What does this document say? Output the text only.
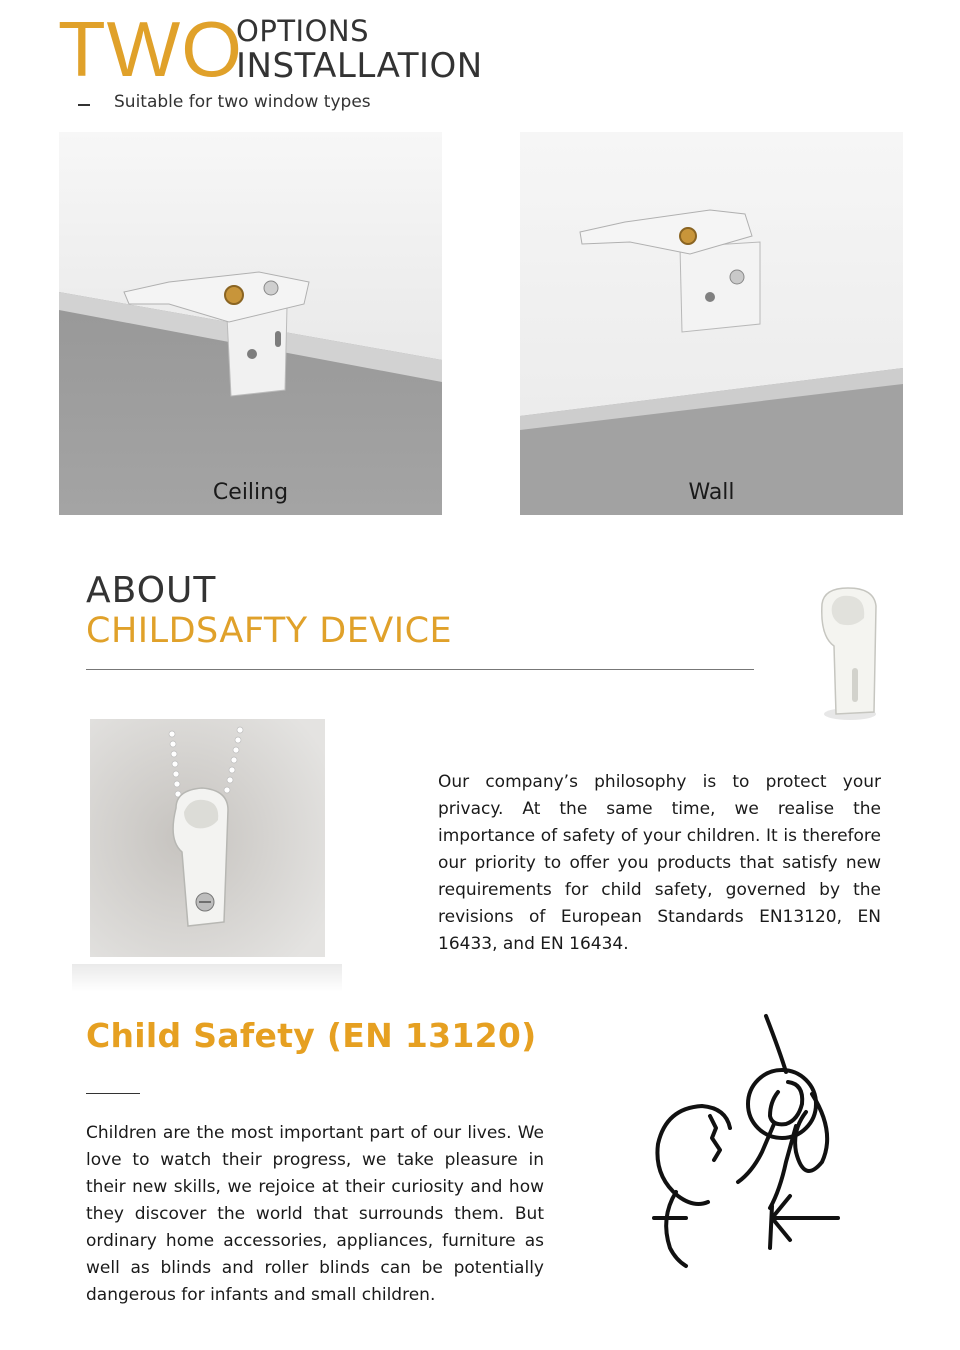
TWO
OPTIONS
INSTALLATION
Suitable for two window types
Ceiling	Wall
ABOUT
CHILDSAFTY DEVICE
Our company’s philosophy is to protect your privacy. At the same time, we realise the importance of safety of your children. It is therefore our priority to offer you products that satisfy new requirements for child safety, governed by the revisions of European Standards EN13120, EN 16433, and EN 16434.
Child Safety (EN 13120)
Children are the most important part of our lives. We love to watch their progress, we take pleasure in their new skills, we rejoice at their curiosity and how they discover the world that surrounds them. But ordinary home accessories, appliances, furniture as well as blinds and roller blinds can be potentially dangerous for infants and small children.
